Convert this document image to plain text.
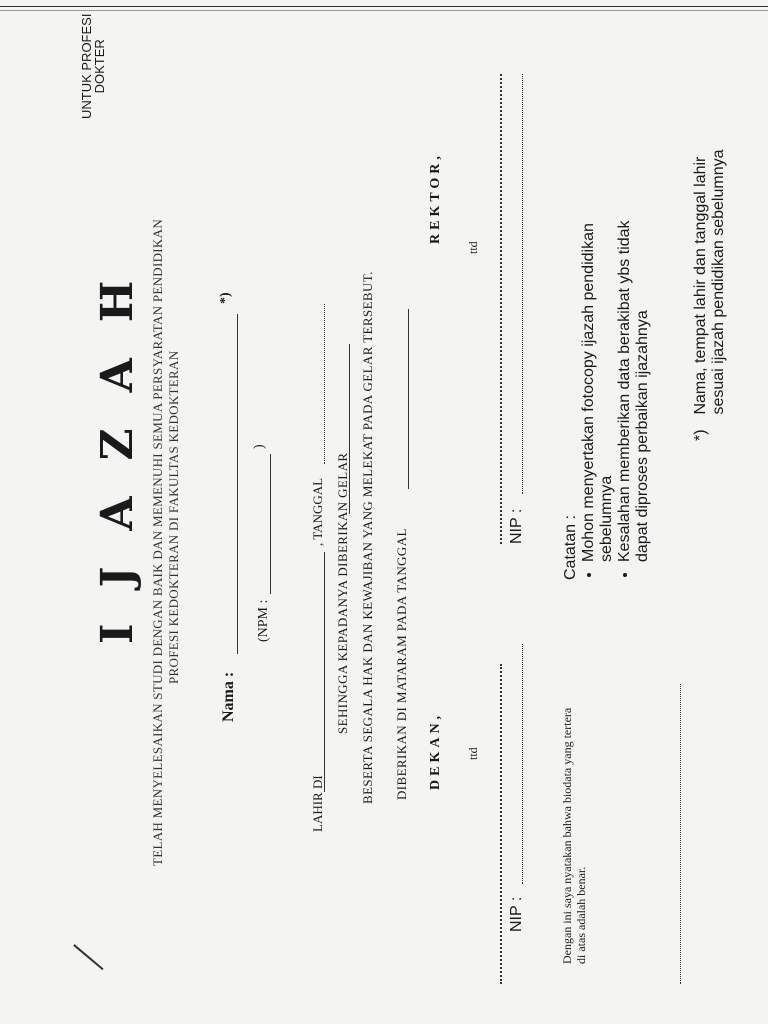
IJAZAH
UNTUK PROFESI
DOKTER
TELAH MENYELESAIKAN STUDI DENGAN BAIK DAN MEMENUHI SEMUA PERSYARATAN PENDIDIKAN PROFESI KEDOKTERAN DI FAKULTAS KEDOKTERAN
Nama :
*)
(NPM :
)
LAHIR DI
, TANGGAL SEHINGGA KEPADANYA DIBERIKAN GELAR BESERTA SEGALA HAK DAN KEWAJIBAN YANG MELEKAT PADA GELAR TERSEBUT. DIBERIKAN DI MATARAM PADA TANGGAL DEKAN,
REKTOR,
ttd
ttd
NIP :
NIP :
Dengan ini saya nyatakan bahwa biodata yang tertera di atas adalah benar.
Catatan : • Mohon menyertakan fotocopy ijazah pendidikan
sebelumnya • Kesalahan memberikan data berakibat ybs tidak
dapat diproses perbaikan ijazahnya	*) Nama, tempat lahir dan tanggal lahir
sesuai ijazah pendidikan sebelumnya
